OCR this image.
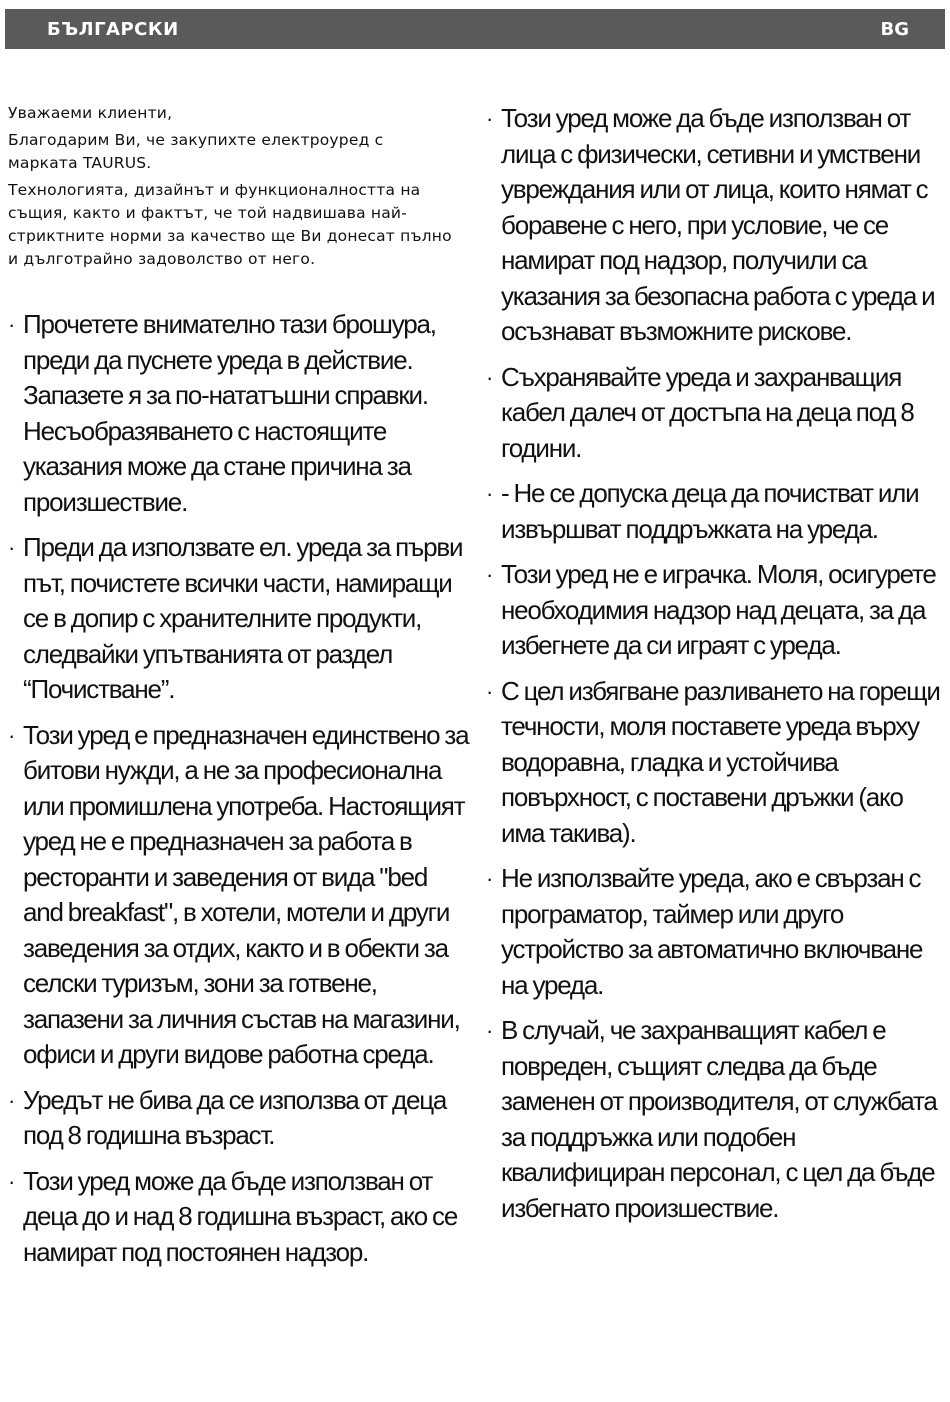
БЪЛГАРСКИ	BG

Уважаеми клиенти,

Благодарим Ви, че закупихте електроуред с марката TAURUS.

Технологията, дизайнът и функционалността на същия, както и фактът, че той надвишава най-стриктните норми за качество ще Ви донесат пълно и дълготрайно задоволство от него.

· Прочетете внимателно тази брошура, преди да пуснете уреда в действие. Запазете я за по-нататъшни справки. Несъобразяването с настоящите указания може да стане причина за произшествие.
· Преди да използвате ел. уреда за първи път, почистете всички части, намиращи се в допир с хранителните продукти, следвайки упътванията от раздел “Почистване”.
· Този уред е предназначен единствено за битови нужди, а не за професионална или промишлена употреба. Настоящият уред не е предназначен за работа в ресторанти и заведения от вида "bed and breakfast", в хотели, мотели и други заведения за отдих, както и в обекти за селски туризъм, зони за готвене, запазени за личния състав на магазини, офиси и други видове работна среда.
· Уредът не бива да се използва от деца под 8 годишна възраст.
· Този уред може да бъде използван от деца до и над 8 годишна възраст, ако се намират под постоянен надзор.
· Този уред може да бъде използван от лица с физически, сетивни и умствени увреждания или от лица, които нямат с боравене с него, при условие, че се намират под надзор, получили са указания за безопасна работа с уреда и осъзнават възможните рискове.
· Съхранявайте уреда и захранващия кабел далеч от достъпа на деца под 8 години.
· - Не се допуска деца да почистват или извършват поддръжката на уреда.
· Този уред не е играчка. Моля, осигурете необходимия надзор над децата, за да избегнете да си играят с уреда.
· С цел избягване разливането на горещи течности, моля поставете уреда върху водоравна, гладка и устойчива повърхност, с поставени дръжки (ако има такива).
· Не използвайте уреда, ако е свързан с програматор, таймер или друго устройство за автоматично включване на уреда.
· В случай, че захранващият кабел е повреден, същият следва да бъде заменен от производителя, от службата за поддръжка или подобен квалифициран персонал, с цел да бъде избегнато произшествие.
